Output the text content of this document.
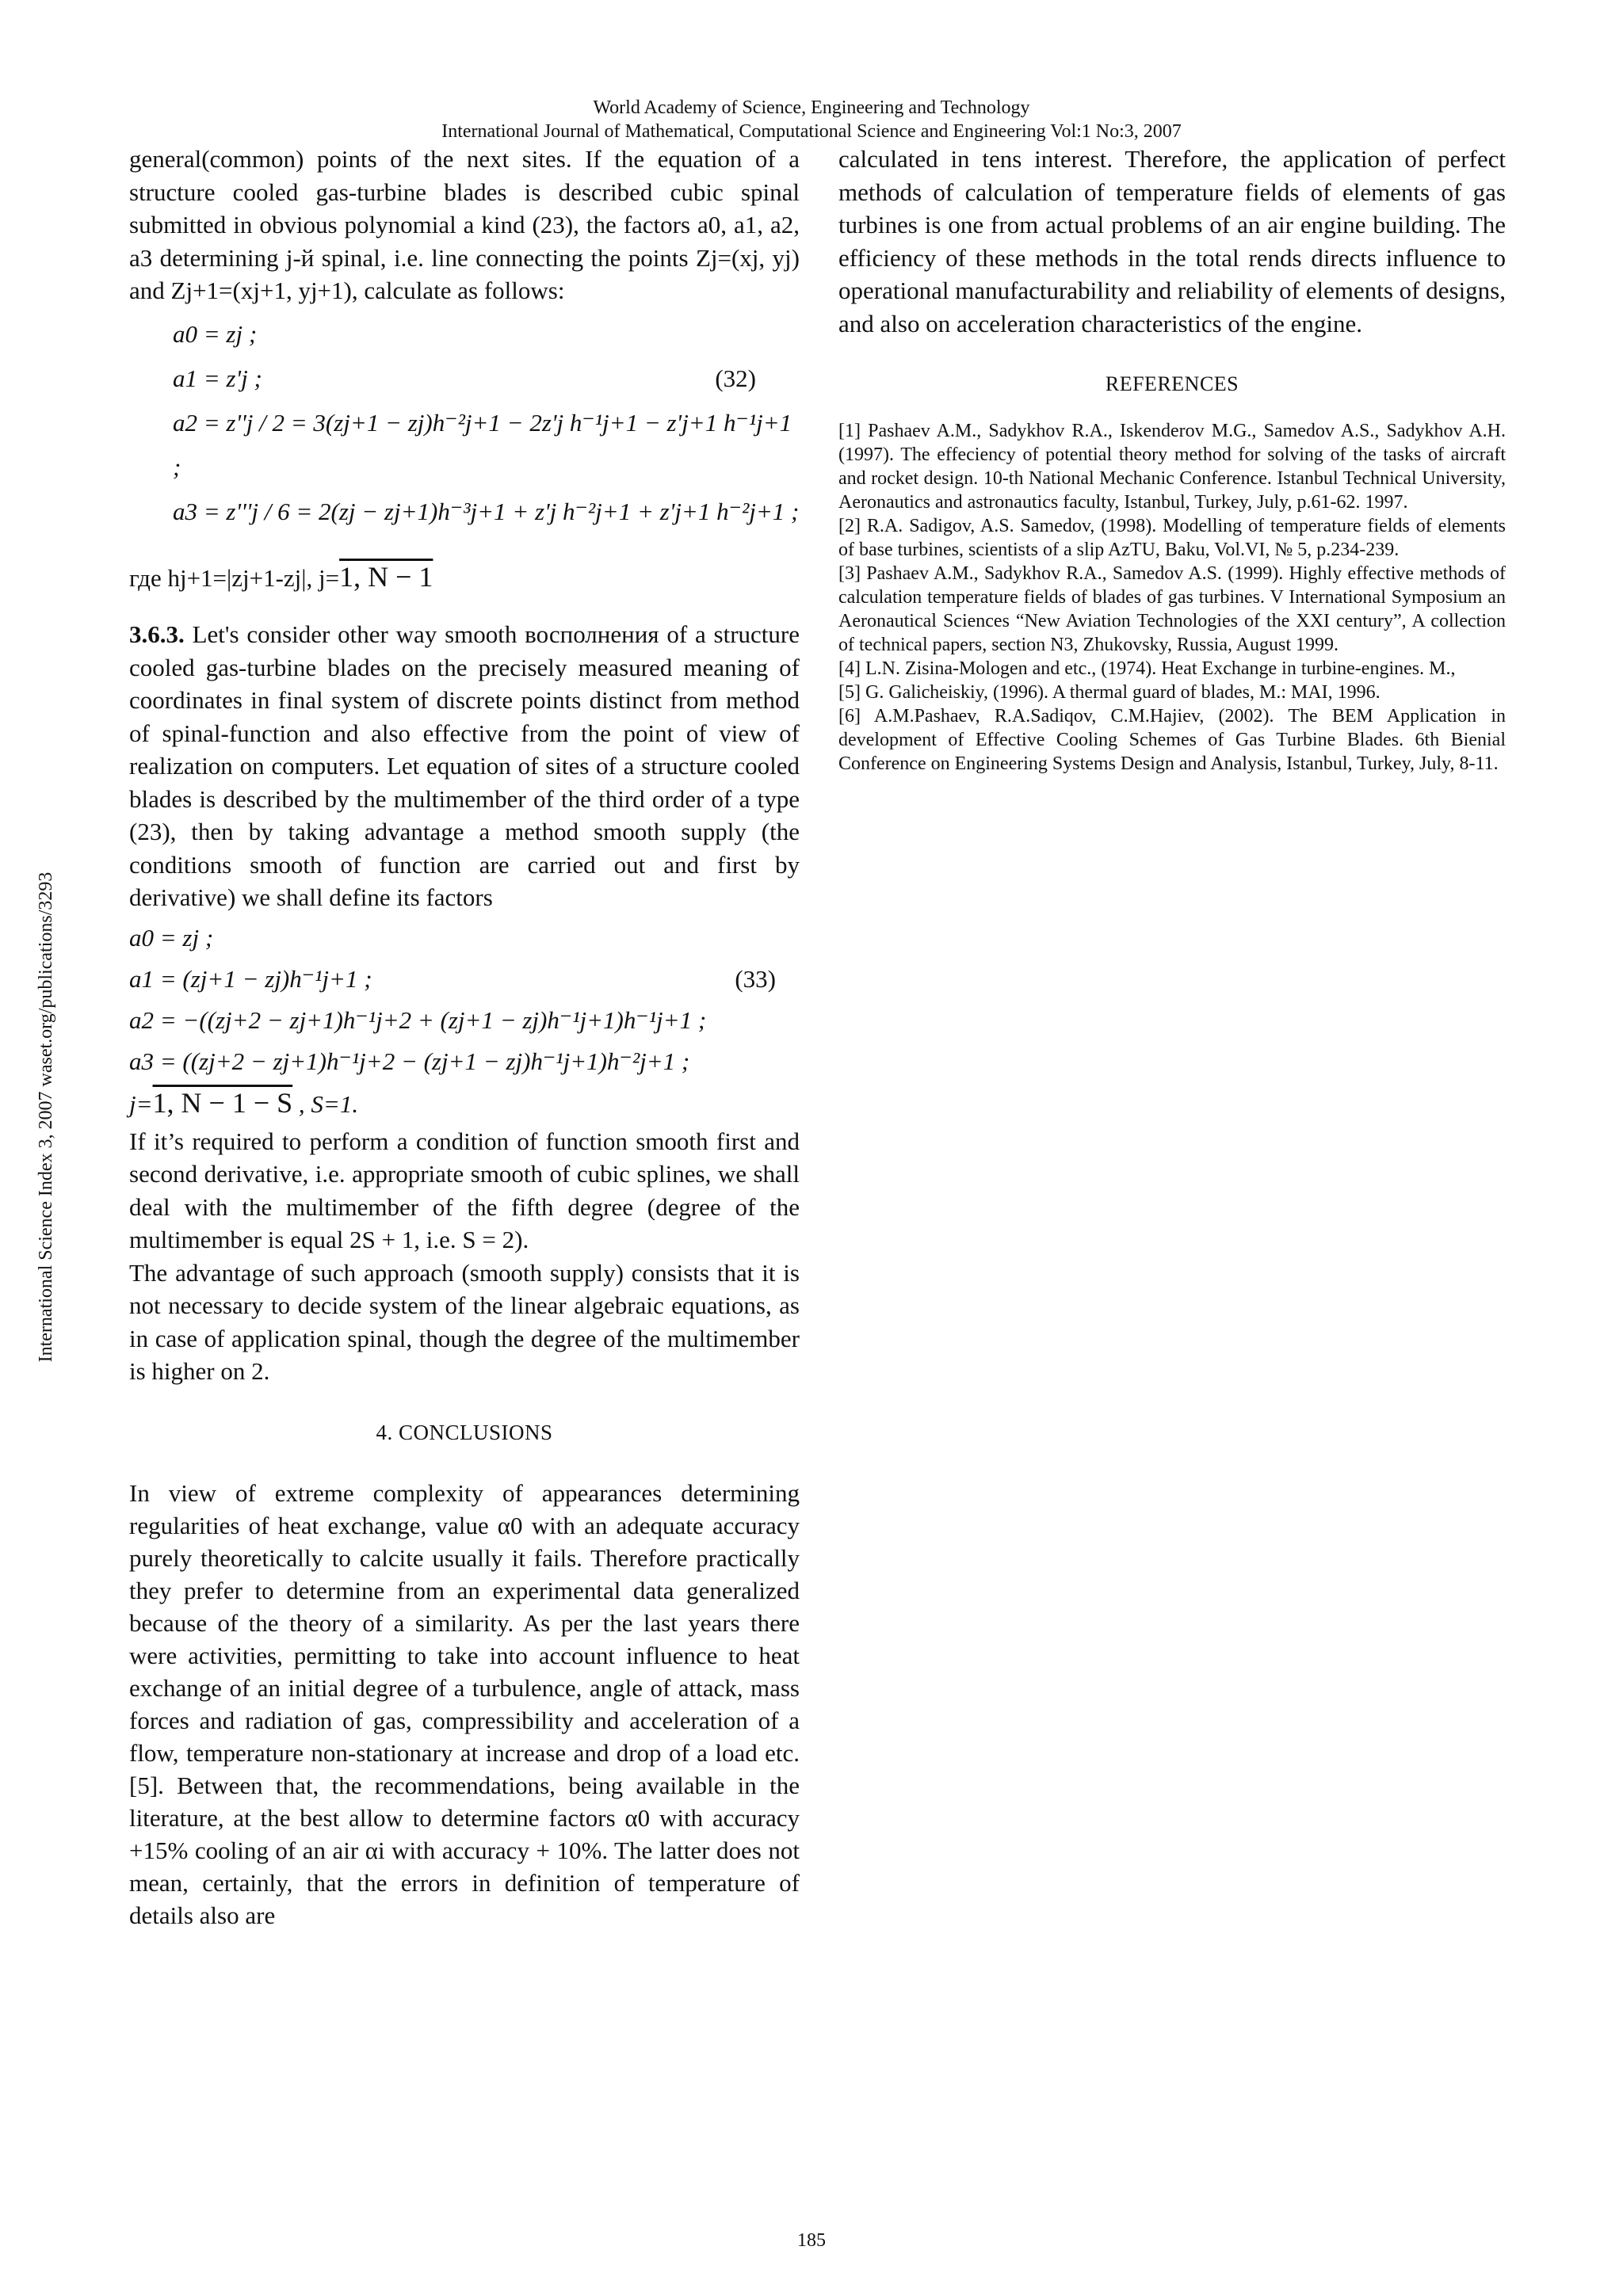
World Academy of Science, Engineering and Technology
International Journal of Mathematical, Computational Science and Engineering Vol:1 No:3, 2007
International Science Index 3, 2007 waset.org/publications/3293

general(common) points of the next sites. If the equation of a structure cooled gas-turbine blades is described cubic spinal submitted in obvious polynomial a kind (23), the factors a0, a1, a2, a3 determining j-й spinal, i.e. line connecting the points Zj=(xj, yj) and Zj+1=(xj+1, yj+1), calculate as follows:

a0 = zj ;

a1 = z'j ;	(32)

a2 = z''j / 2 = 3(zj+1 − zj)h⁻²j+1 − 2z'j h⁻¹j+1 − z'j+1 h⁻¹j+1 ;

a3 = z'''j / 6 = 2(zj − zj+1)h⁻³j+1 + z'j h⁻²j+1 + z'j+1 h⁻²j+1 ;

где hj+1=|zj+1-zj|, j=1, N − 1

3.6.3. Let's consider other way smooth восполнения of a structure cooled gas-turbine blades on the precisely measured meaning of coordinates in final system of discrete points distinct from method of spinal-function and also effective from the point of view of realization on computers. Let equation of sites of a structure cooled blades is described by the multimember of the third order of a type (23), then by taking advantage a method smooth supply (the conditions smooth of function are carried out and first by derivative) we shall define its factors

a0 = zj ;

a1 = (zj+1 − zj)h⁻¹j+1 ;	(33)

a2 = −((zj+2 − zj+1)h⁻¹j+2 + (zj+1 − zj)h⁻¹j+1)h⁻¹j+1 ;

a3 = ((zj+2 − zj+1)h⁻¹j+2 − (zj+1 − zj)h⁻¹j+1)h⁻²j+1 ;

j=1, N − 1 − S , S=1.

If it’s required to perform a condition of function smooth first and second derivative, i.e. appropriate smooth of cubic splines, we shall deal with the multimember of the fifth degree (degree of the multimember is equal 2S + 1, i.e. S = 2).

The advantage of such approach (smooth supply) consists that it is not necessary to decide system of the linear algebraic equations, as in case of application spinal, though the degree of the multimember is higher on 2.

4. CONCLUSIONS

In view of extreme complexity of appearances determining regularities of heat exchange, value α0 with an adequate accuracy purely theoretically to calcite usually it fails. Therefore practically they prefer to determine from an experimental data generalized because of the theory of a similarity. As per the last years there were activities, permitting to take into account influence to heat exchange of an initial degree of a turbulence, angle of attack, mass forces and radiation of gas, compressibility and acceleration of a flow, temperature non-stationary at increase and drop of a load etc.[5]. Between that, the recommendations, being available in the literature, at the best allow to determine factors α0 with accuracy +15% cooling of an air αi with accuracy + 10%. The latter does not mean, certainly, that the errors in definition of temperature of details also are

calculated in tens interest. Therefore, the application of perfect methods of calculation of temperature fields of elements of gas turbines is one from actual problems of an air engine building. The efficiency of these methods in the total rends directs influence to operational manufacturability and reliability of elements of designs, and also on acceleration characteristics of the engine.

REFERENCES

[1] Pashaev A.M., Sadykhov R.A., Iskenderov M.G., Samedov A.S., Sadykhov A.H. (1997). The effeciency of potential theory method for solving of the tasks of aircraft and rocket design. 10-th National Mechanic Conference. Istanbul Technical University, Aeronautics and astronautics faculty, Istanbul, Turkey, July, p.61-62. 1997.

[2] R.A. Sadigov, A.S. Samedov, (1998). Modelling of temperature fields of elements of base turbines, scientists of a slip AzTU, Baku, Vol.VI, № 5, p.234-239.

[3] Pashaev A.M., Sadykhov R.A., Samedov A.S. (1999). Highly effective methods of calculation temperature fields of blades of gas turbines. V International Symposium an Aeronautical Sciences “New Aviation Technologies of the XXI century”, A collection of technical papers, section N3, Zhukovsky, Russia, August 1999.

[4] L.N. Zisina-Mologen and etc., (1974). Heat Exchange in turbine-engines. M.,

[5] G. Galicheiskiy, (1996). A thermal guard of blades, M.: MAI, 1996.

[6] A.M.Pashaev, R.A.Sadiqov, C.M.Hajiev, (2002). The BEM Application in development of Effective Cooling Schemes of Gas Turbine Blades. 6th Bienial Conference on Engineering Systems Design and Analysis, Istanbul, Turkey, July, 8-11.

185
